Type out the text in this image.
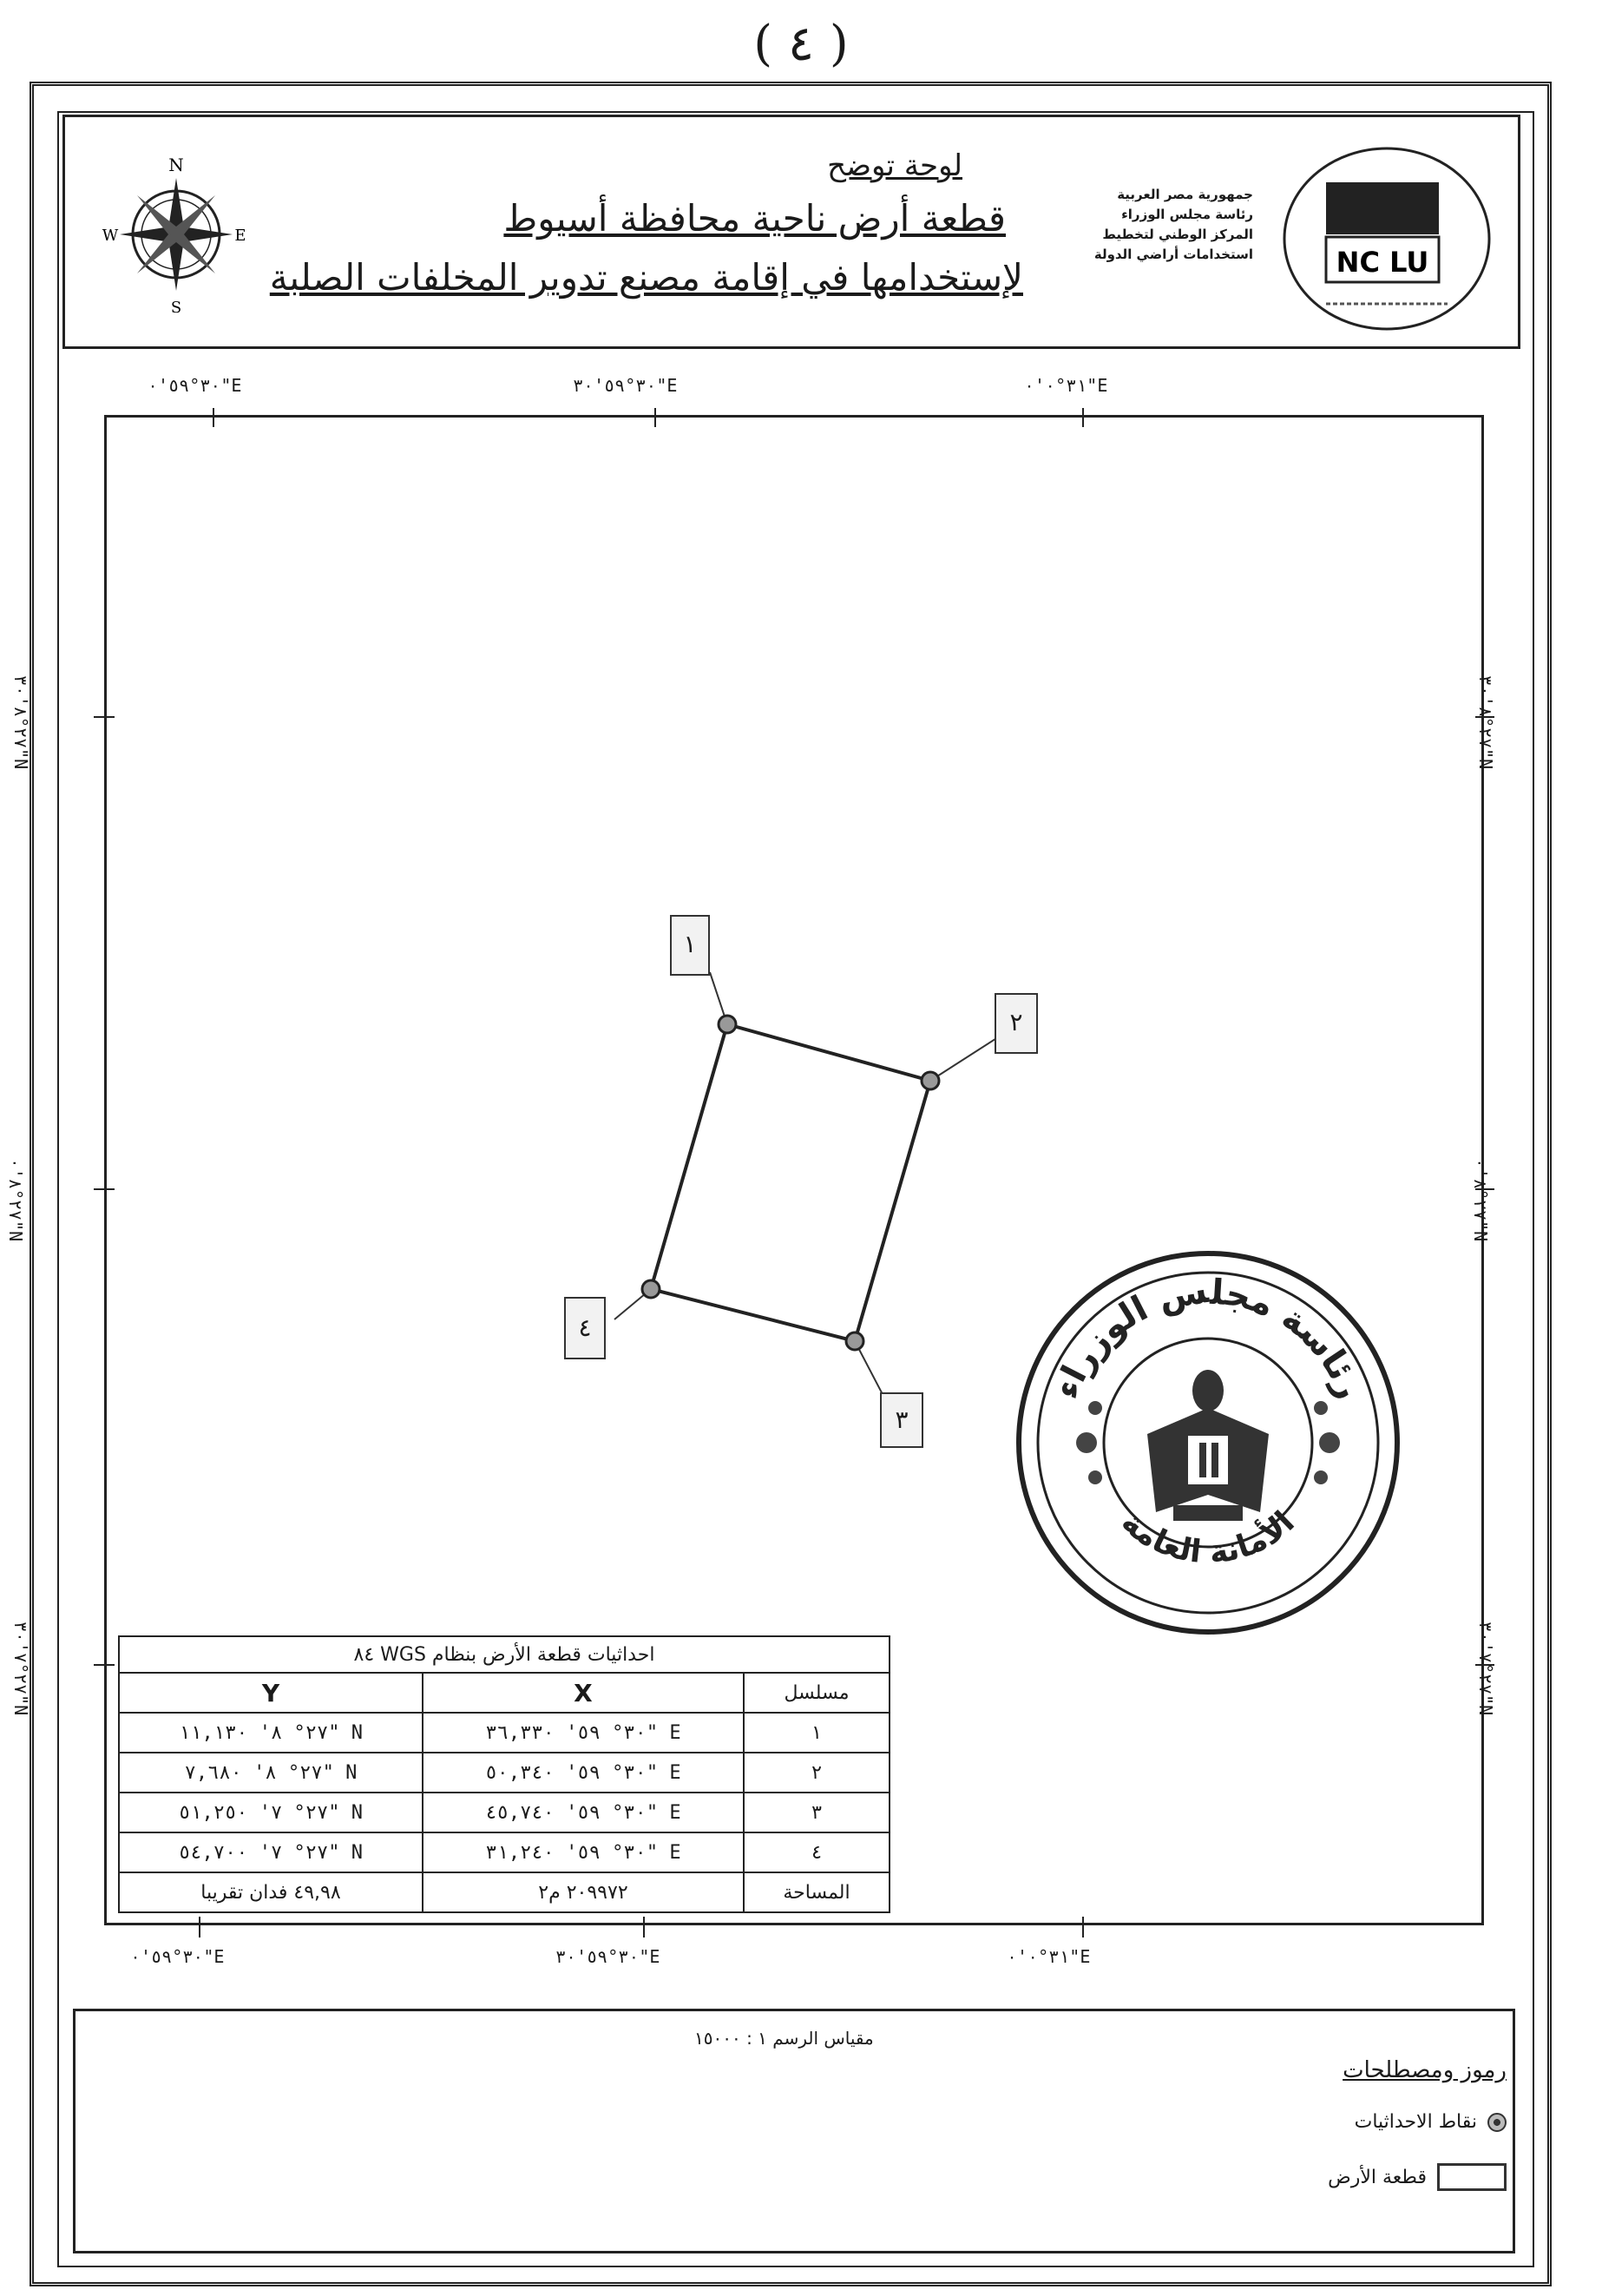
( ٤ )
N
S
E
W
لوحة توضح
قطعة أرض ناحية محافظة أسيوط
لإستخدامها في إقامة مصنع تدوير المخلفات الصلبة
جمهورية مصر العربية
رئاسة مجلس الوزراء
المركز الوطني لتخطيط
استخدامات أراضي الدولة	NC LU
٣٠°٥٩'٠"E	٣٠°٥٩'٣٠"E	٣١°٠'٠"E
٢٧°٨'٣٠"N
٢٧°٨'٠"N
٢٧°٧'٣٠"N
٢٧°٨'٣٠"N
٢٧°٨'٠"N
٢٧°٧'٣٠"N
١
٢
٣
٤
رئاسة مجلس الوزراء
الأمانة العامة
احداثيات قطعة الأرض بنظام WGS ٨٤		
مسلسل	X	Y
١	٣٠° ٥٩' ٣٦,٣٣٠" E	٢٧° ٨' ١١,١٣٠" N
٢	٣٠° ٥٩' ٥٠,٣٤٠" E	٢٧° ٨' ٧,٦٨٠" N
٣	٣٠° ٥٩' ٤٥,٧٤٠" E	٢٧° ٧' ٥١,٢٥٠" N
٤	٣٠° ٥٩' ٣١,٢٤٠" E	٢٧° ٧' ٥٤,٧٠٠" N
المساحة	٢٠٩٩٧٢ م٢	٤٩,٩٨ فدان تقريبا
٣٠°٥٩'٠"E	٣٠°٥٩'٣٠"E	٣١°٠'٠"E
مقياس الرسم ١ : ١٥٠٠٠
رموز ومصطلحات
نقاط الاحداثيات
قطعة الأرض
